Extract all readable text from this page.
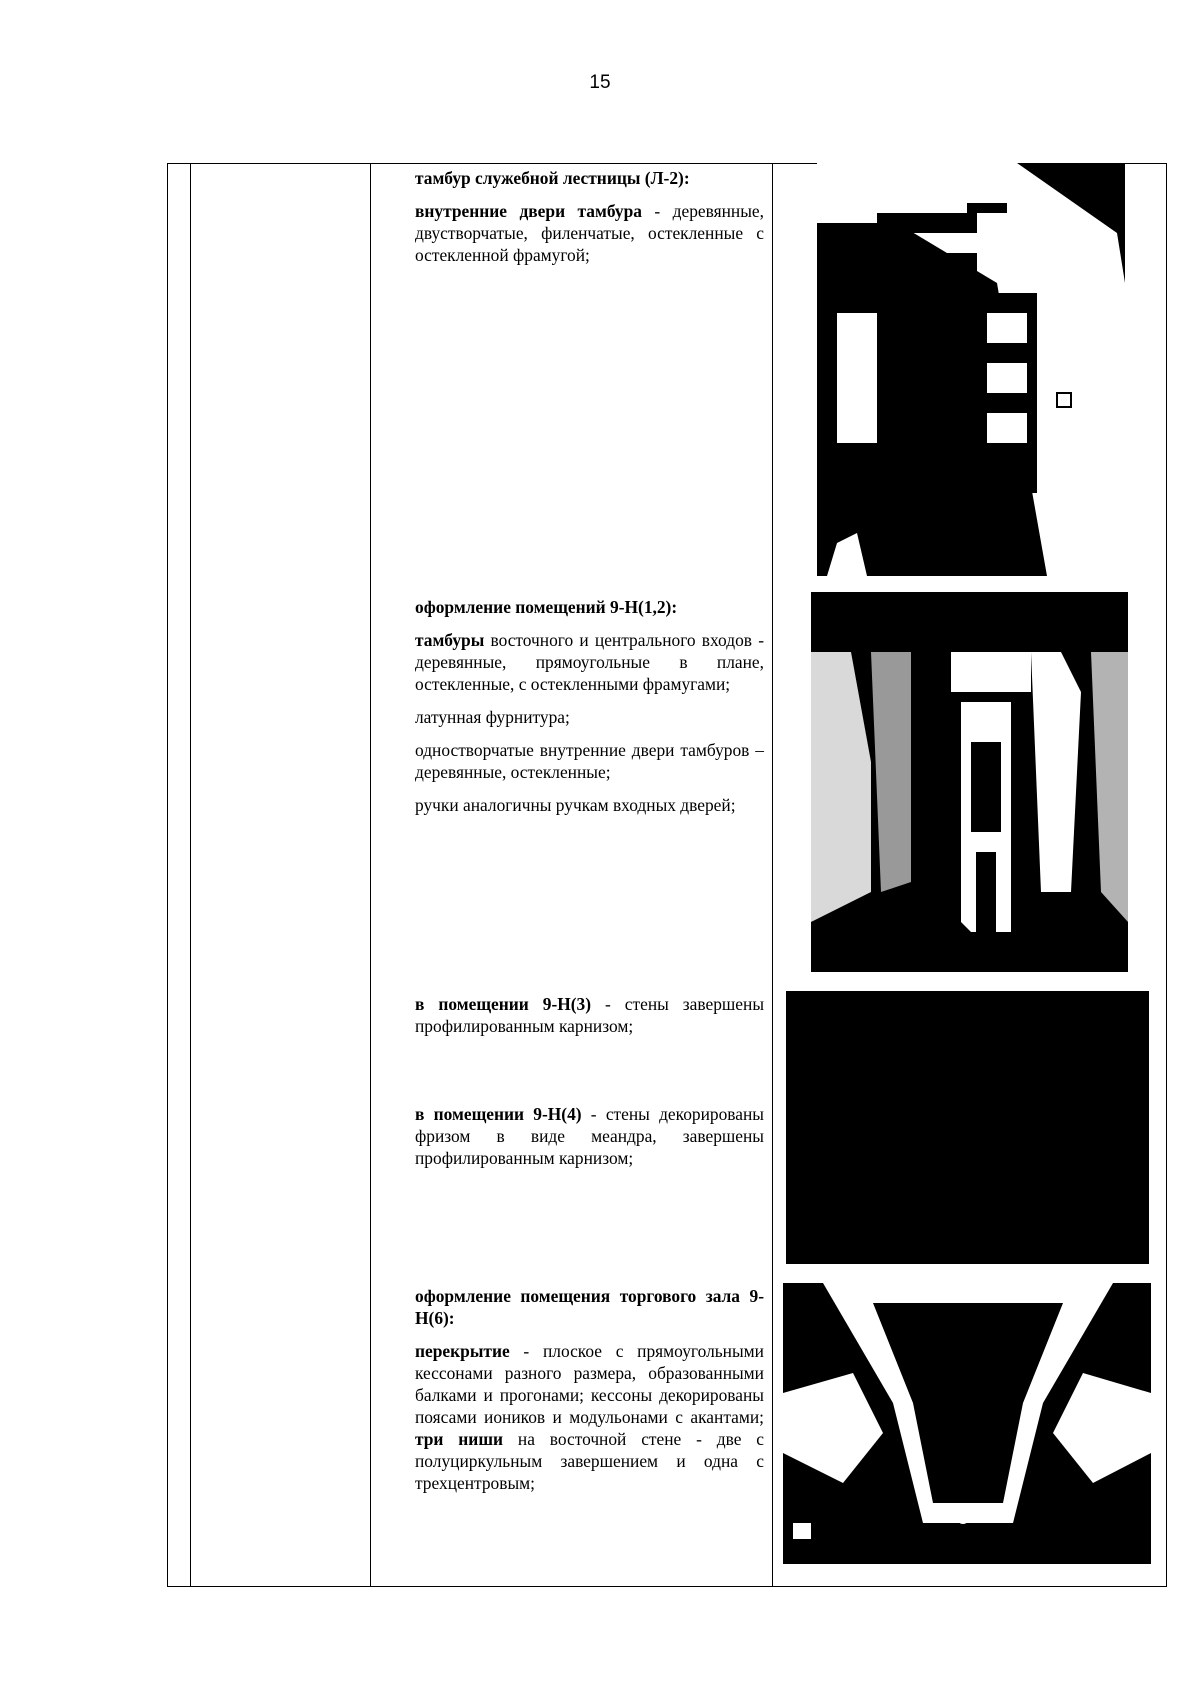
15

тамбур служебной лестницы (Л-2):

внутренние двери тамбура - деревянные, двустворчатые, филенчатые, остекленные с остекленной фрамугой;

оформление помещений 9-Н(1,2):

тамбуры восточного и центрального входов - деревянные, прямоугольные в плане, остекленные, с остекленными фрамугами;

латунная фурнитура;

одностворчатые внутренние двери тамбуров – деревянные, остекленные;

ручки аналогичны ручкам входных дверей;

в помещении 9-Н(3) - стены завершены профилированным карнизом;

в помещении 9-Н(4) - стены декорированы фризом в виде меандра, завершены профилированным карнизом;

оформление помещения торгового зала 9-Н(6):

перекрытие - плоское с прямоугольными кессонами разного размера, образованными балками и прогонами; кессоны декорированы поясами иоников и модульонами с акантами; три ниши на восточной стене - две с полуциркульным завершением и одна с трехцентровым;
